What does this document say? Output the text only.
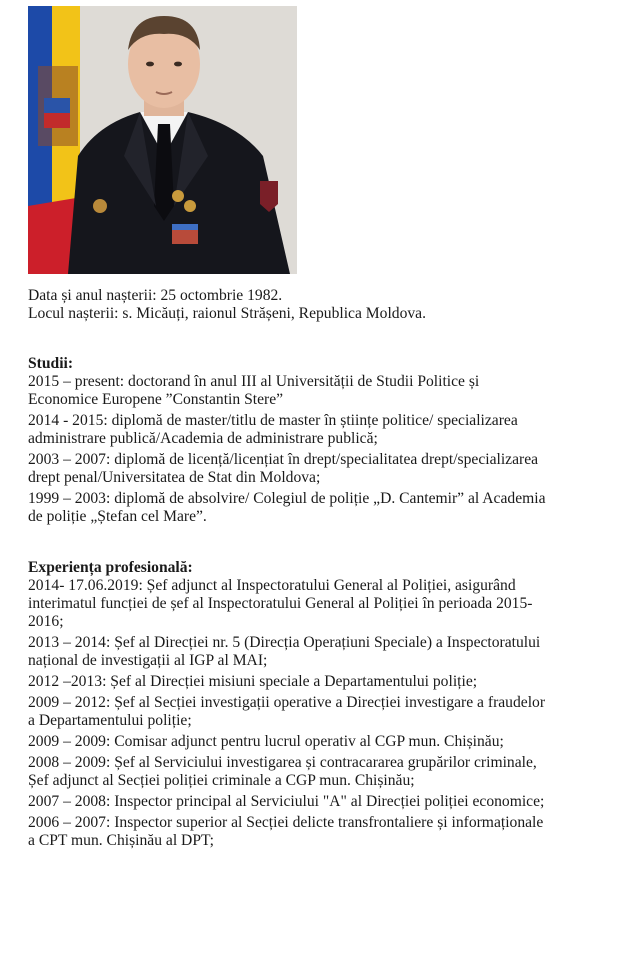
Data și anul nașterii: 25 octombrie 1982.
Locul nașterii: s. Micăuți, raionul Strășeni, Republica Moldova.
Studii:
2015 – present: doctorand în anul III al Universității de Studii Politice și
Economice Europene ”Constantin Stere”
2014 - 2015: diplomă de master/titlu de master în științe politice/ specializarea
administrare publică/Academia de administrare publică;
2003 – 2007: diplomă de licență/licențiat în drept/specialitatea drept/specializarea
drept penal/Universitatea de Stat din Moldova;
1999 – 2003: diplomă de absolvire/ Colegiul de poliție „D. Cantemir” al Academia
de poliție „Ștefan cel Mare”.
Experiența profesională:
2014- 17.06.2019: Șef adjunct al Inspectoratului General al Poliției, asigurând
interimatul funcției de șef al Inspectoratului General al Poliției în perioada 2015-
2016;
2013 – 2014: Șef al Direcției nr. 5 (Direcția Operațiuni Speciale) a Inspectoratului
național de investigații al IGP al MAI;
2012 –2013: Șef al Direcției misiuni speciale a Departamentului poliție;
2009 – 2012: Șef al Secției investigații operative a Direcției investigare a fraudelor
a Departamentului poliție;
2009 – 2009: Comisar adjunct pentru lucrul operativ al CGP mun. Chișinău;
2008 – 2009: Șef al Serviciului investigarea și contracararea grupărilor criminale,
Șef adjunct al Secției poliției criminale a CGP mun. Chișinău;
2007 – 2008: Inspector principal al Serviciului "A" al Direcției poliției economice;
2006 – 2007: Inspector superior al Secției delicte transfrontaliere și informaționale
a CPT mun. Chișinău al DPT;
